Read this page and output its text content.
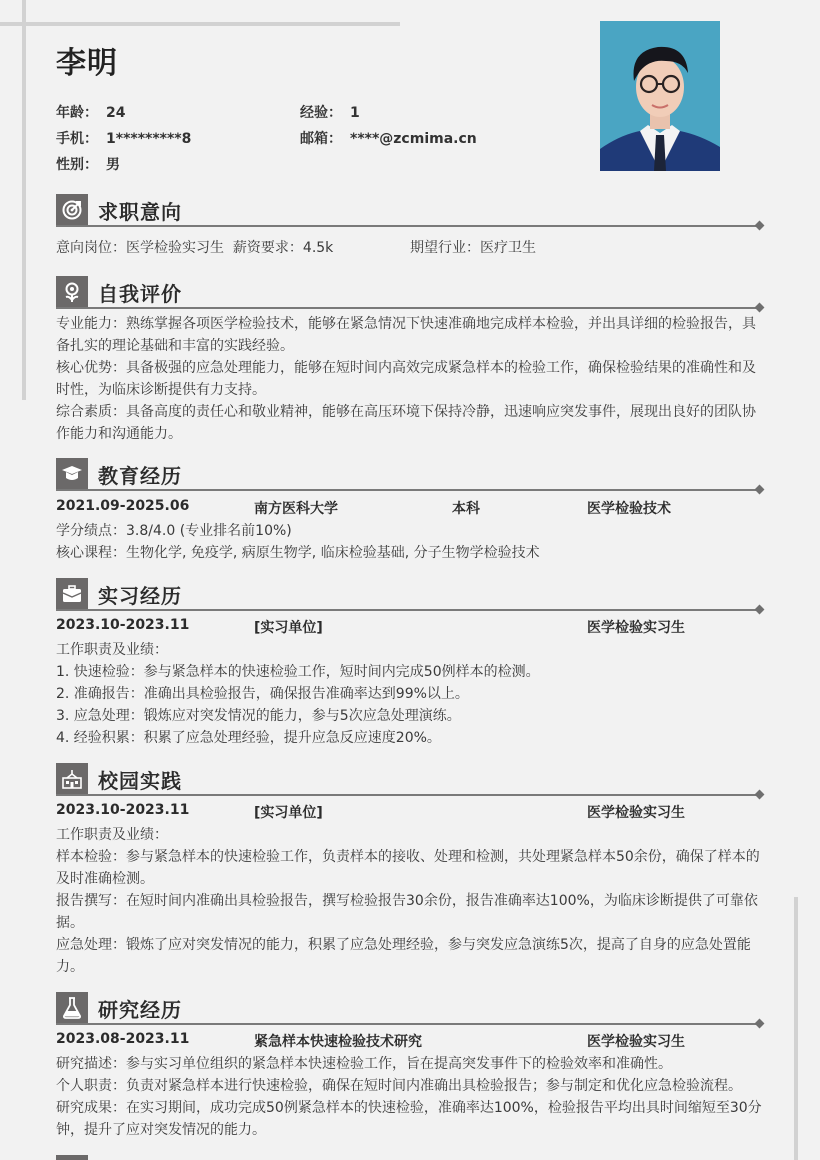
李明
年龄： 24	经验： 1
手机： 1*********8	邮箱： ****@zcmima.cn
性别： 男
求职意向
意向岗位：医学检验实习生 薪资要求：4.5k	期望行业：医疗卫生
自我评价
专业能力：熟练掌握各项医学检验技术，能够在紧急情况下快速准确地完成样本检验，并出具详细的检验报告，具备扎实的理论基础和丰富的实践经验。
核心优势：具备极强的应急处理能力，能够在短时间内高效完成紧急样本的检验工作，确保检验结果的准确性和及时性，为临床诊断提供有力支持。
综合素质：具备高度的责任心和敬业精神，能够在高压环境下保持冷静，迅速响应突发事件，展现出良好的团队协作能力和沟通能力。
教育经历
2021.09-2025.06	南方医科大学	本科	医学检验技术
学分绩点：3.8/4.0 (专业排名前10%)
核心课程：生物化学, 免疫学, 病原生物学, 临床检验基础, 分子生物学检验技术
实习经历
2023.10-2023.11	[实习单位]	医学检验实习生
工作职责及业绩：
1. 快速检验：参与紧急样本的快速检验工作，短时间内完成50例样本的检测。
2. 准确报告：准确出具检验报告，确保报告准确率达到99%以上。
3. 应急处理：锻炼应对突发情况的能力，参与5次应急处理演练。
4. 经验积累：积累了应急处理经验，提升应急反应速度20%。
校园实践
2023.10-2023.11	[实习单位]	医学检验实习生
工作职责及业绩：
样本检验：参与紧急样本的快速检验工作，负责样本的接收、处理和检测，共处理紧急样本50余份，确保了样本的及时准确检测。
报告撰写：在短时间内准确出具检验报告，撰写检验报告30余份，报告准确率达100%，为临床诊断提供了可靠依据。
应急处理：锻炼了应对突发情况的能力，积累了应急处理经验，参与突发应急演练5次，提高了自身的应急处置能力。
研究经历
2023.08-2023.11	紧急样本快速检验技术研究	医学检验实习生
研究描述：参与实习单位组织的紧急样本快速检验工作，旨在提高突发事件下的检验效率和准确性。
个人职责：负责对紧急样本进行快速检验，确保在短时间内准确出具检验报告；参与制定和优化应急检验流程。
研究成果：在实习期间，成功完成50例紧急样本的快速检验，准确率达100%，检验报告平均出具时间缩短至30分钟，提升了应对突发情况的能力。
